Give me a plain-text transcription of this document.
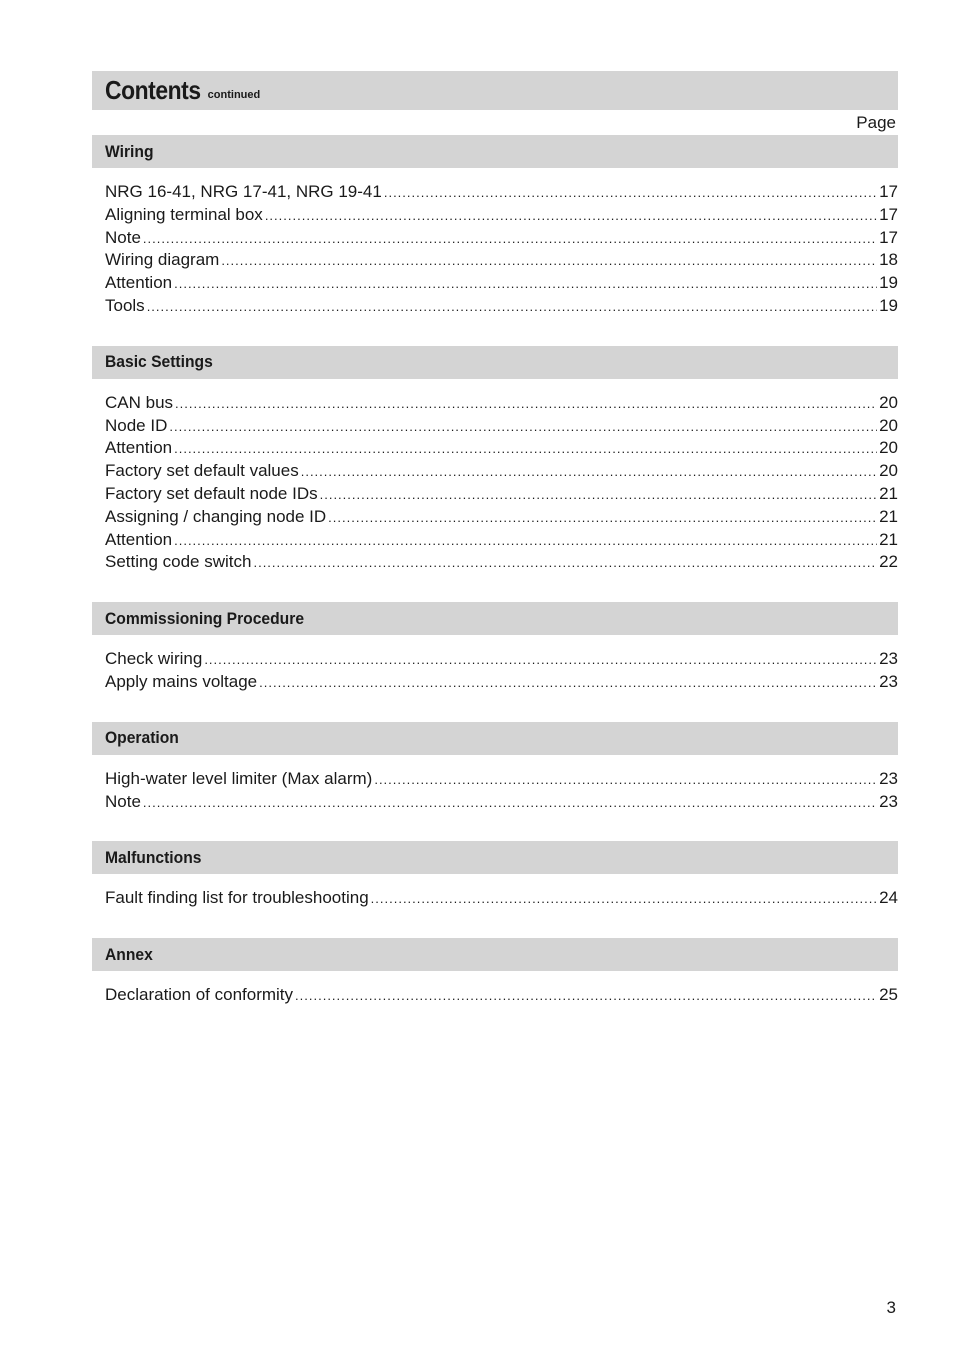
Contents continued
Page
Wiring
NRG 16-41, NRG 17-41, NRG 19-41 .....	17
Aligning terminal box .....	17
Note .....	17
Wiring diagram .....	18
Attention .....	19
Tools .....	19
Basic Settings
CAN bus .....	20
Node ID .....	20
Attention .....	20
Factory set default values .....	20
Factory set default node IDs .....	21
Assigning / changing node ID .....	21
Attention .....	21
Setting code switch .....	22
Commissioning Procedure
Check wiring .....	23
Apply mains voltage .....	23
Operation
High-water level limiter (Max alarm) .....	23
Note .....	23
Malfunctions
Fault finding list for troubleshooting .....	24
Annex
Declaration of conformity .....	25
3
